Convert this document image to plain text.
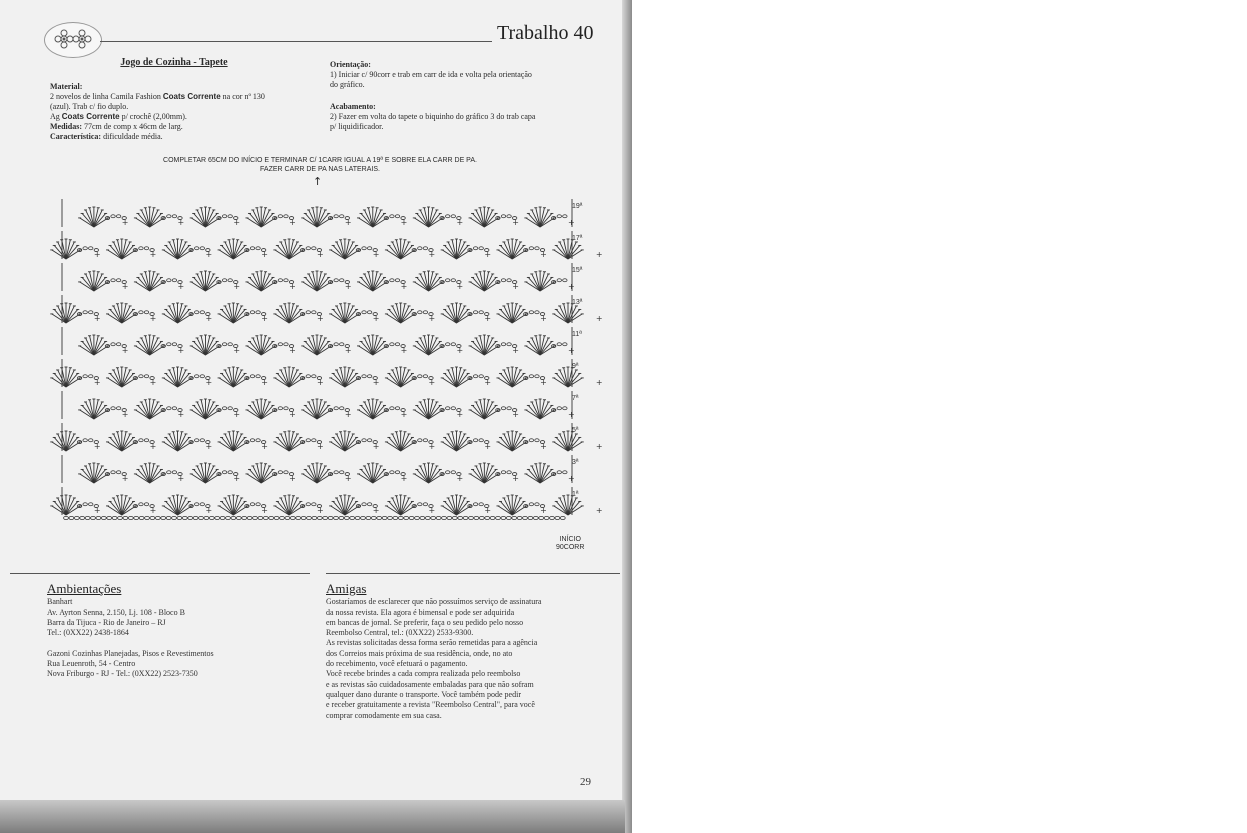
Trabalho 40
Jogo de Cozinha - Tapete
Material:
2 novelos de linha Camila Fashion Coats Corrente na cor nº 130
(azul). Trab c/ fio duplo.
Ag Coats Corrente p/ crochê (2,00mm).
Medidas: 77cm de comp x 46cm de larg.
Característica: dificuldade média.
Orientação:
1) Iniciar c/ 90corr e trab em carr de ida e volta pela orientação
do gráfico.
Acabamento:
2) Fazer em volta do tapete o biquinho do gráfico 3 do trab capa
p/ liquidificador.
COMPLETAR 65CM DO INÍCIO E TERMINAR C/ 1CARR IGUAL A 19ª E SOBRE ELA CARR DE PA.
FAZER CARR DE PA NAS LATERAIS.
↑
+	+	+	+	+	+	+	+	+	+
+	+	+	+	+	+	+	+	+
+	+	+	+	+	+	+	+	+	+
+	+	+	+	+	+	+	+	+
+	+	+	+	+	+	+	+	+	+
+	+	+	+	+	+	+	+	+
+	+	+	+	+	+	+	+	+	+
+	+	+	+	+	+	+	+	+
+	+	+	+	+	+	+	+	+	+
+	+	+	+	+	+	+	+	+
19ª
17ª
15ª
13ª
11ª
9ª
7ª
5ª
3ª
1ª
INÍCIO
90CORR
Ambientações
Banhart
Av. Ayrton Senna, 2.150, Lj. 108 - Bloco B
Barra da Tijuca - Rio de Janeiro – RJ
Tel.: (0XX22) 2438-1864
Gazoni Cozinhas Planejadas, Pisos e Revestimentos
Rua Leuenroth, 54 - Centro
Nova Friburgo - RJ - Tel.: (0XX22) 2523-7350
Amigas
Gostaríamos de esclarecer que não possuímos serviço de assinatura
da nossa revista. Ela agora é bimensal e pode ser adquirida
em bancas de jornal. Se preferir, faça o seu pedido pelo nosso
Reembolso Central, tel.: (0XX22) 2533-9300.
As revistas solicitadas dessa forma serão remetidas para a agência
dos Correios mais próxima de sua residência, onde, no ato
do recebimento, você efetuará o pagamento.
Você recebe brindes a cada compra realizada pelo reembolso
e as revistas são cuidadosamente embaladas para que não sofram
qualquer dano durante o transporte. Você também pode pedir
e receber gratuitamente a revista "Reembolso Central", para você
comprar comodamente em sua casa.
29
